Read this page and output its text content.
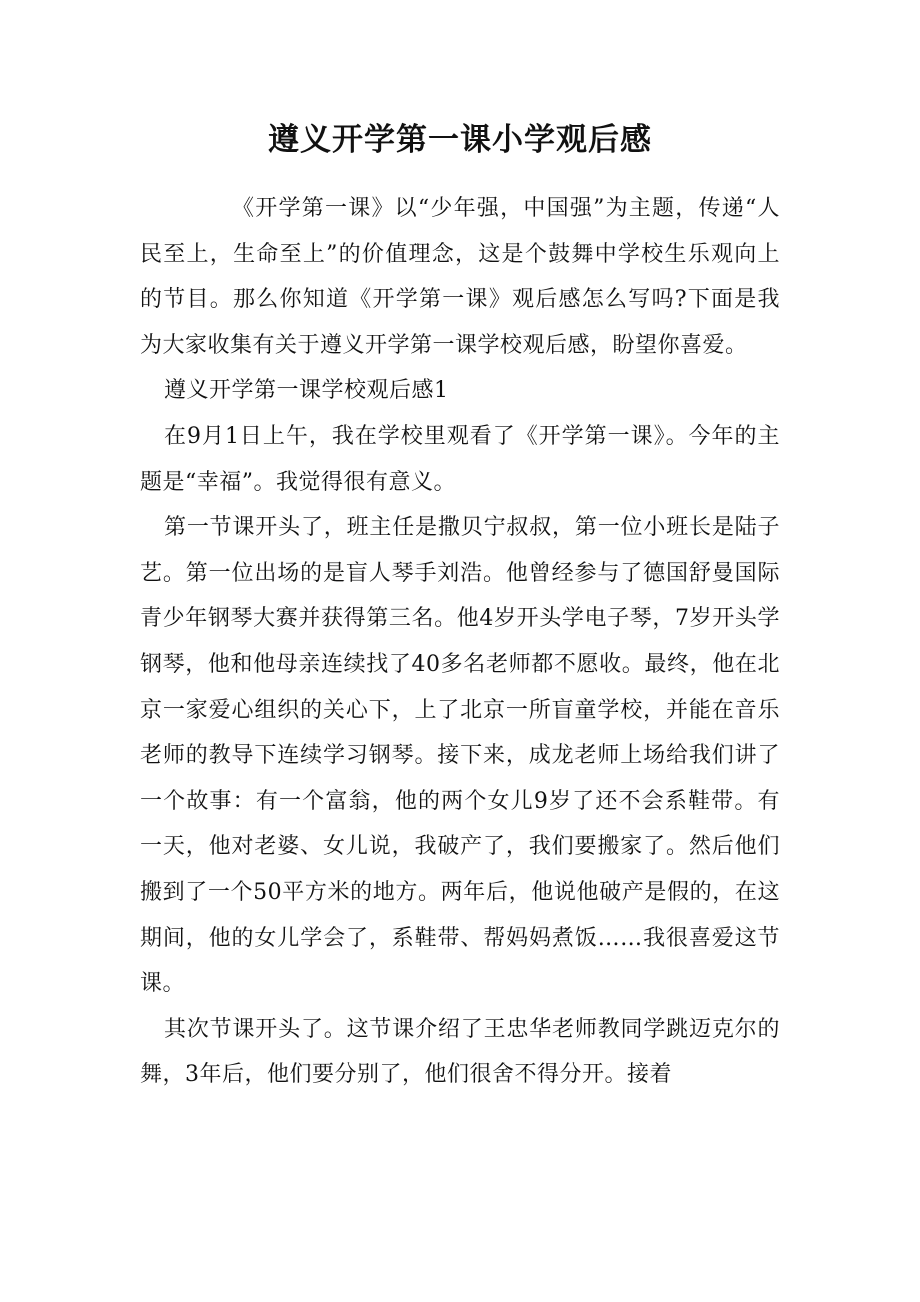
遵义开学第一课小学观后感

《开学第一课》以“少年强，中国强”为主题，传递“人民至上，生命至上”的价值理念，这是个鼓舞中学校生乐观向上的节目。那么你知道《开学第一课》观后感怎么写吗?下面是我为大家收集有关于遵义开学第一课学校观后感，盼望你喜爱。

遵义开学第一课学校观后感1

在9月1日上午，我在学校里观看了《开学第一课》。今年的主题是“幸福”。我觉得很有意义。

第一节课开头了，班主任是撒贝宁叔叔，第一位小班长是陆子艺。第一位出场的是盲人琴手刘浩。他曾经参与了德国舒曼国际青少年钢琴大赛并获得第三名。他4岁开头学电子琴，7岁开头学钢琴，他和他母亲连续找了40多名老师都不愿收。最终，他在北京一家爱心组织的关心下，上了北京一所盲童学校，并能在音乐老师的教导下连续学习钢琴。接下来，成龙老师上场给我们讲了一个故事：有一个富翁，他的两个女儿9岁了还不会系鞋带。有一天，他对老婆、女儿说，我破产了，我们要搬家了。然后他们搬到了一个50平方米的地方。两年后，他说他破产是假的，在这期间，他的女儿学会了，系鞋带、帮妈妈煮饭……我很喜爱这节课。

其次节课开头了。这节课介绍了王忠华老师教同学跳迈克尔的舞，3年后，他们要分别了，他们很舍不得分开。接着
